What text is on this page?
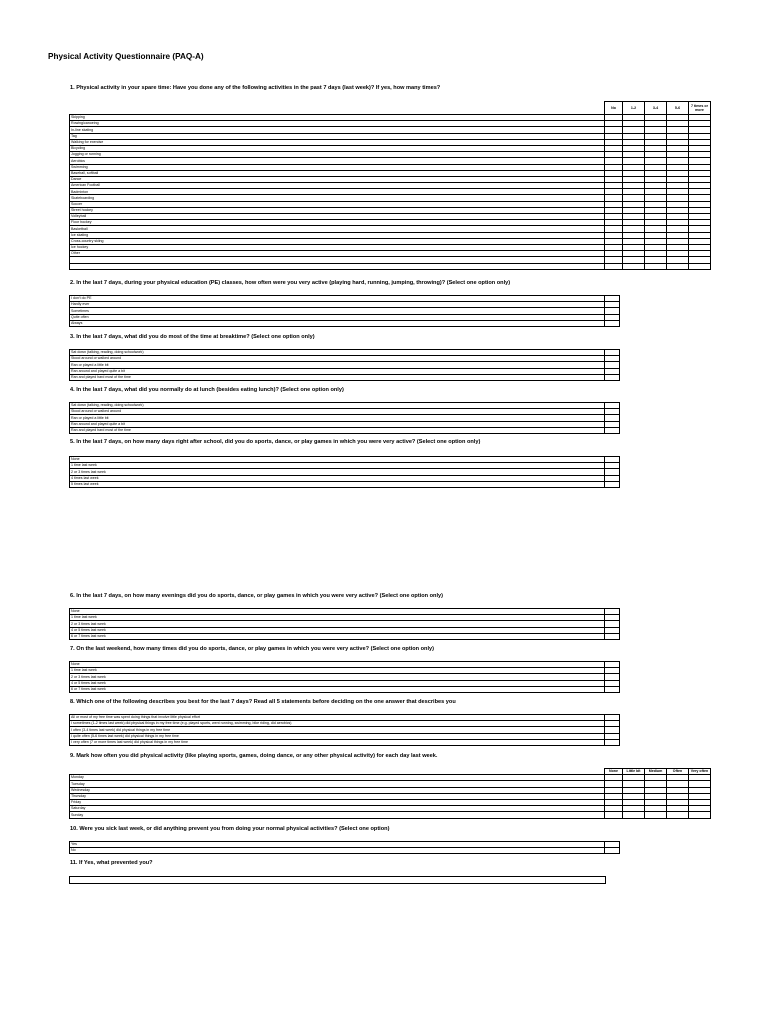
Physical Activity Questionnaire (PAQ-A)
1. Physical activity in your spare time: Have you done any of the following activities in the past 7 days (last week)? If yes, how many times?
	No	1-2	3-4	5-6	7 times or more
Skipping					
Rowing/canoeing					
In-line skating					
Tag					
Walking for exercise					
Bicycling					
Jogging or running					
Aerobics					
Swimming					
Baseball, softball					
Dance					
American Football					
Badminton					
Skateboarding					
Soccer					
Street hockey					
Volleyball					
Floor hockey					
Basketball					
Ice skating					
Cross-country skiing					
Ice hockey					
Other					

2. In the last 7 days, during your physical education (PE) classes, how often were you very active (playing hard, running, jumping, throwing)? (Select one option only)
I don't do PE	
Hardly ever	
Sometimes	
Quite often	
Always	
3. In the last 7 days, what did you do most of the time at breaktime? (Select one option only)
Sat down (talking, reading, doing schoolwork)	
Stood around or walked around	
Ran or played a little bit	
Ran around and played quite a bit	
Ran and played hard most of the time	
4. In the last 7 days, what did you normally do at lunch (besides eating lunch)? (Select one option only)
Sat down (talking, reading, doing schoolwork)	
Stood around or walked around	
Ran or played a little bit	
Ran around and played quite a bit	
Ran and played hard most of the time	
5. In the last 7 days, on how many days right after school, did you do sports, dance, or play games in which you were very active? (Select one option only)
None	
1 time last week	
2 or 3 times last week	
4 times last week	
5 times last week	
6. In the last 7 days, on how many evenings did you do sports, dance, or play games in which you were very active? (Select one option only)
None	
1 time last week	
2 or 3 times last week	
4 or 5 times last week	
6 or 7 times last week	
7. On the last weekend, how many times did you do sports, dance, or play games in which you were very active? (Select one option only)
None	
1 time last week	
2 or 3 times last week	
4 or 5 times last week	
6 or 7 times last week	
8. Which one of the following describes you best for the last 7 days? Read all 5 statements before deciding on the one answer that describes you
All or most of my free time was spent doing things that involve little physical effort	
I sometimes (1-2 times last week) did physical things in my free time (e.g. played sports, went running, swimming, bike riding, did aerobics)	
I often (3-4 times last week) did physical things in my free time	
I quite often (5-6 times last week) did physical things in my free time	
I very often (7 or more times last week) did physical things in my free time	
9. Mark how often you did physical activity (like playing sports, games, doing dance, or any other physical activity) for each day last week.
	None	Little bit	Medium	Often	Very often
Monday					
Tuesday					
Wednesday					
Thursday					
Friday					
Saturday					
Sunday					
10. Were you sick last week, or did anything prevent you from doing your normal physical activities? (Select one option)
Yes	
No	
11. If Yes, what prevented you?
